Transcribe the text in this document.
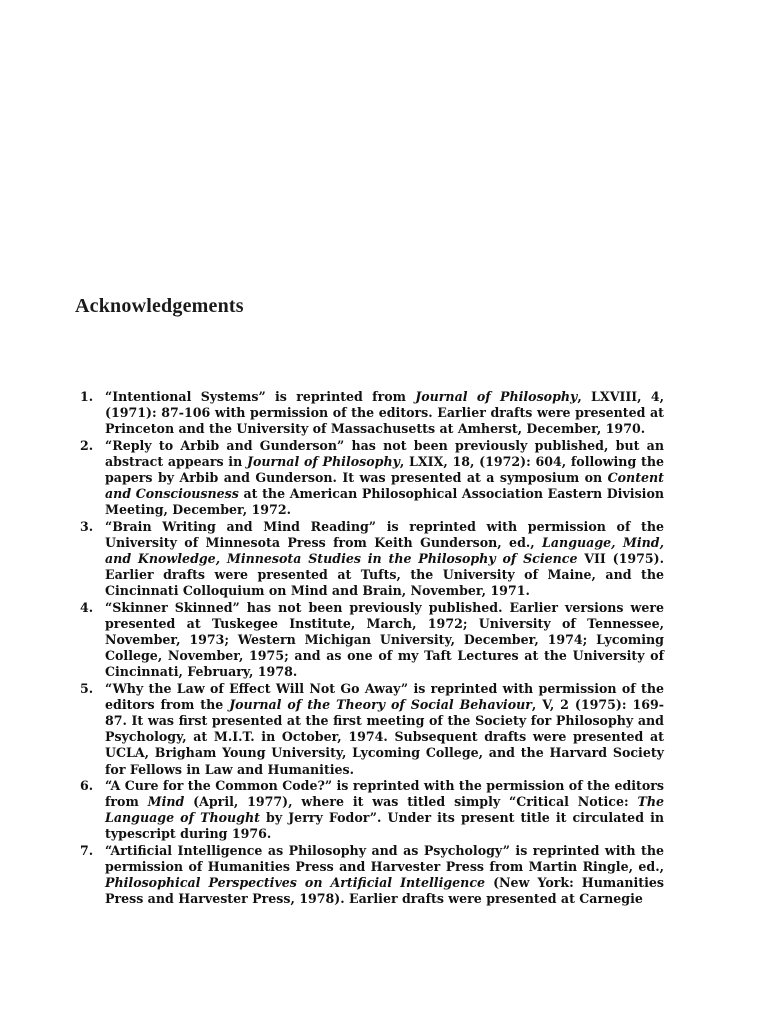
Acknowledgements
1. “Intentional Systems” is reprinted from Journal of Philosophy, LXVIII, 4, (1971): 87-106 with permission of the editors. Earlier drafts were presented at Princeton and the University of Massachusetts at Amherst, December, 1970.
2. “Reply to Arbib and Gunderson” has not been previously published, but an abstract appears in Journal of Philosophy, LXIX, 18, (1972): 604, following the papers by Arbib and Gunderson. It was presented at a symposium on Content and Consciousness at the American Philosophical Association Eastern Division Meeting, December, 1972.
3. “Brain Writing and Mind Reading” is reprinted with permission of the University of Minnesota Press from Keith Gunderson, ed., Language, Mind, and Knowledge, Minnesota Studies in the Philosophy of Science VII (1975). Earlier drafts were presented at Tufts, the University of Maine, and the Cincinnati Colloquium on Mind and Brain, November, 1971.
4. “Skinner Skinned” has not been previously published. Earlier versions were presented at Tuskegee Institute, March, 1972; University of Tennessee, November, 1973; Western Michigan University, December, 1974; Lycoming College, November, 1975; and as one of my Taft Lectures at the University of Cincinnati, February, 1978.
5. “Why the Law of Effect Will Not Go Away” is reprinted with permission of the editors from the Journal of the Theory of Social Behaviour, V, 2 (1975): 169-87. It was first presented at the first meeting of the Society for Philosophy and Psychology, at M.I.T. in October, 1974. Subsequent drafts were presented at UCLA, Brigham Young University, Lycoming College, and the Harvard Society for Fellows in Law and Humanities.
6. “A Cure for the Common Code?” is reprinted with the permission of the editors from Mind (April, 1977), where it was titled simply “Critical Notice: The Language of Thought by Jerry Fodor”. Under its present title it circulated in typescript during 1976.
7. “Artificial Intelligence as Philosophy and as Psychology” is reprinted with the permission of Humanities Press and Harvester Press from Martin Ringle, ed., Philosophical Perspectives on Artificial Intelligence (New York: Humanities Press and Harvester Press, 1978). Earlier drafts were presented at Carnegie
